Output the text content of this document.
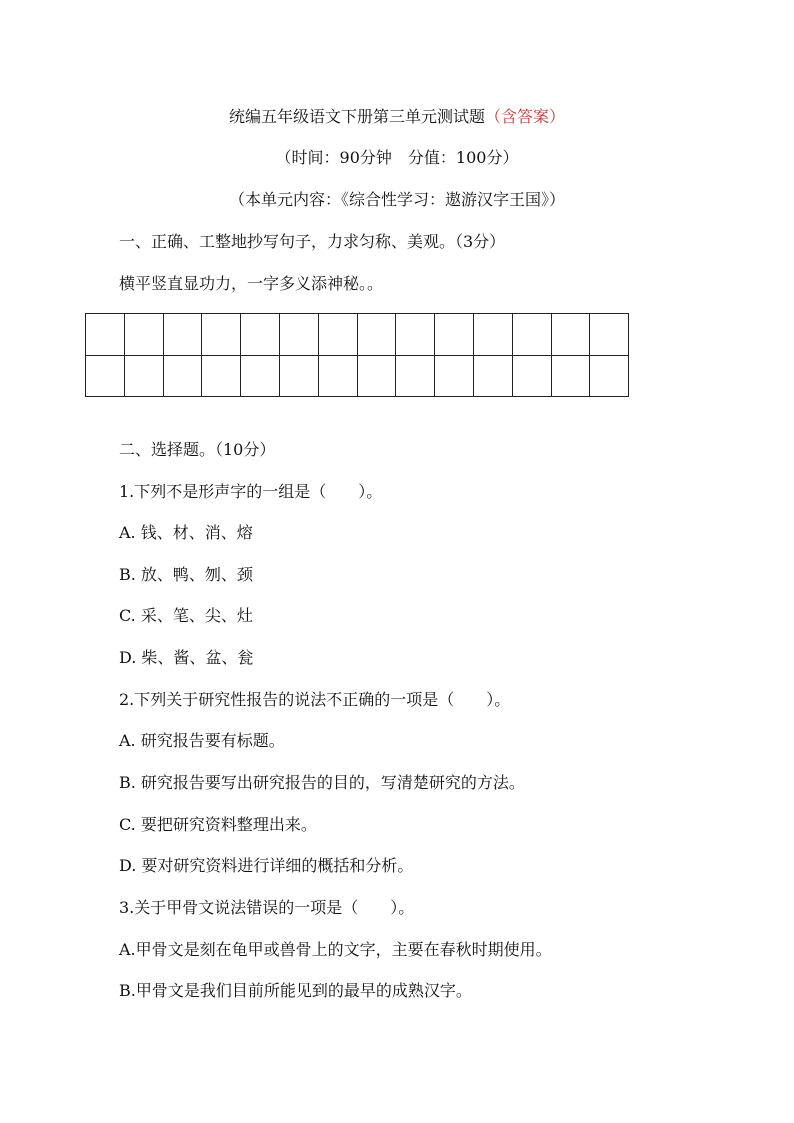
统编五年级语文下册第三单元测试题（含答案）
（时间：90分钟　分值：100分）
（本单元内容：《综合性学习：遨游汉字王国》）
一、正确、工整地抄写句子，力求匀称、美观。（3分）
横平竖直显功力，一字多义添神秘。。

二、选择题。（10分）
1.下列不是形声字的一组是（　　）。
A. 钱、材、消、熔
B. 放、鸭、刎、颈
C. 采、笔、尖、灶
D. 柴、酱、盆、瓮
2.下列关于研究性报告的说法不正确的一项是（　　）。
A. 研究报告要有标题。
B. 研究报告要写出研究报告的目的，写清楚研究的方法。
C. 要把研究资料整理出来。
D. 要对研究资料进行详细的概括和分析。
3.关于甲骨文说法错误的一项是（　　）。
A.甲骨文是刻在龟甲或兽骨上的文字，主要在春秋时期使用。
B.甲骨文是我们目前所能见到的最早的成熟汉字。
